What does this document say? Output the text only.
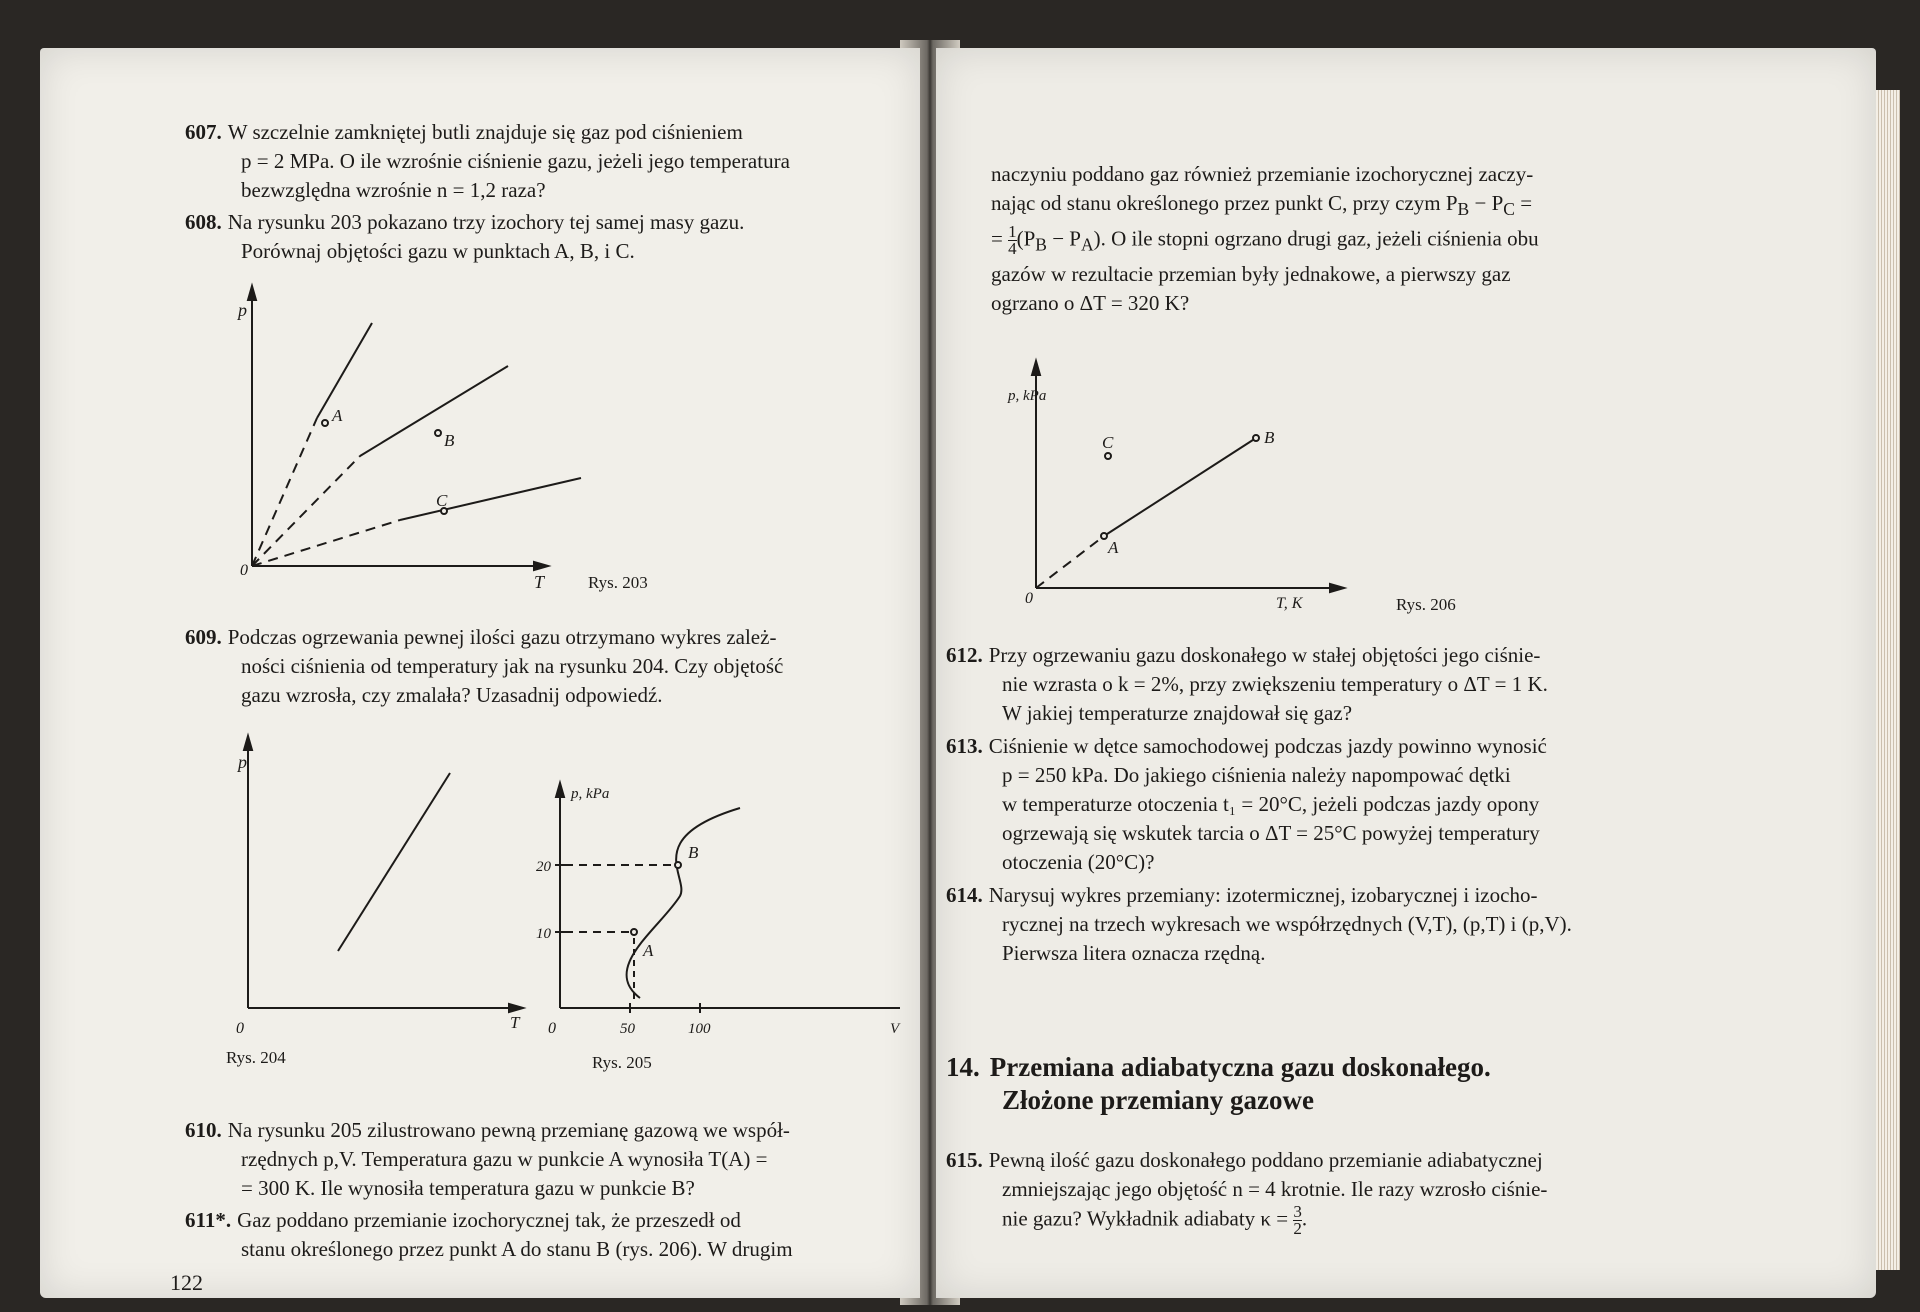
607. W szczelnie zamkniętej butli znajduje się gaz pod ciśnieniem
p = 2 MPa. O ile wzrośnie ciśnienie gazu, jeżeli jego temperatura
bezwzględna wzrośnie n = 1,2 raza?
608. Na rysunku 203 pokazano trzy izochory tej samej masy gazu.
Porównaj objętości gazu w punktach A, B, i C.
p
T
0
A
B
C
Rys. 203
609. Podczas ogrzewania pewnej ilości gazu otrzymano wykres zależ-
ności ciśnienia od temperatury jak na rysunku 204. Czy objętość
gazu wzrosła, czy zmalała? Uzasadnij odpowiedź.
p
T
0
p, kPa
20
10
50	100	V
0
B
A
Rys. 204	Rys. 205
610. Na rysunku 205 zilustrowano pewną przemianę gazową we współ-
rzędnych p,V. Temperatura gazu w punkcie A wynosiła T(A) =
= 300 K. Ile wynosiła temperatura gazu w punkcie B?
611*. Gaz poddano przemianie izochorycznej tak, że przeszedł od
stanu określonego przez punkt A do stanu B (rys. 206). W drugim
122
naczyniu poddano gaz również przemianie izochorycznej zaczy-
nając od stanu określonego przez punkt C, przy czym $P_B - P_C$ =
= $\frac{1}{4} (P_B - P_A)$. O ile stopni ogrzano drugi gaz, jeżeli ciśnienia obu
gazów w rezultacie przemian były jednakowe, a pierwszy gaz
ogrzano o ΔT = 320 K?
p, kPa
T, K
0
C	B
A
Rys. 206
612. Przy ogrzewaniu gazu doskonałego w stałej objętości jego ciśnie-
nie wzrasta o k = 2%, przy zwiększeniu temperatury o ΔT = 1 K.
W jakiej temperaturze znajdował się gaz?
613. Ciśnienie w dętce samochodowej podczas jazdy powinno wynosić
p = 250 kPa. Do jakiego ciśnienia należy napompować dętki
w temperaturze otoczenia t₁ = 20°C, jeżeli podczas jazdy opony
ogrzewają się wskutek tarcia o ΔT = 25°C powyżej temperatury
otoczenia (20°C)?
614. Narysuj wykres przemiany: izotermicznej, izobarycznej i izocho-
rycznej na trzech wykresach we współrzędnych (V,T), (p,T) i (p,V).
Pierwsza litera oznacza rzędną.
14. Przemiana adiabatyczna gazu doskonałego.
Złożone przemiany gazowe
615. Pewną ilość gazu doskonałego poddano przemianie adiabatycznej
zmniejszając jego objętość n = 4 krotnie. Ile razy wzrosło ciśnie-
nie gazu? Wykładnik adiabaty $\kappa = \frac{3}{2}$ .
